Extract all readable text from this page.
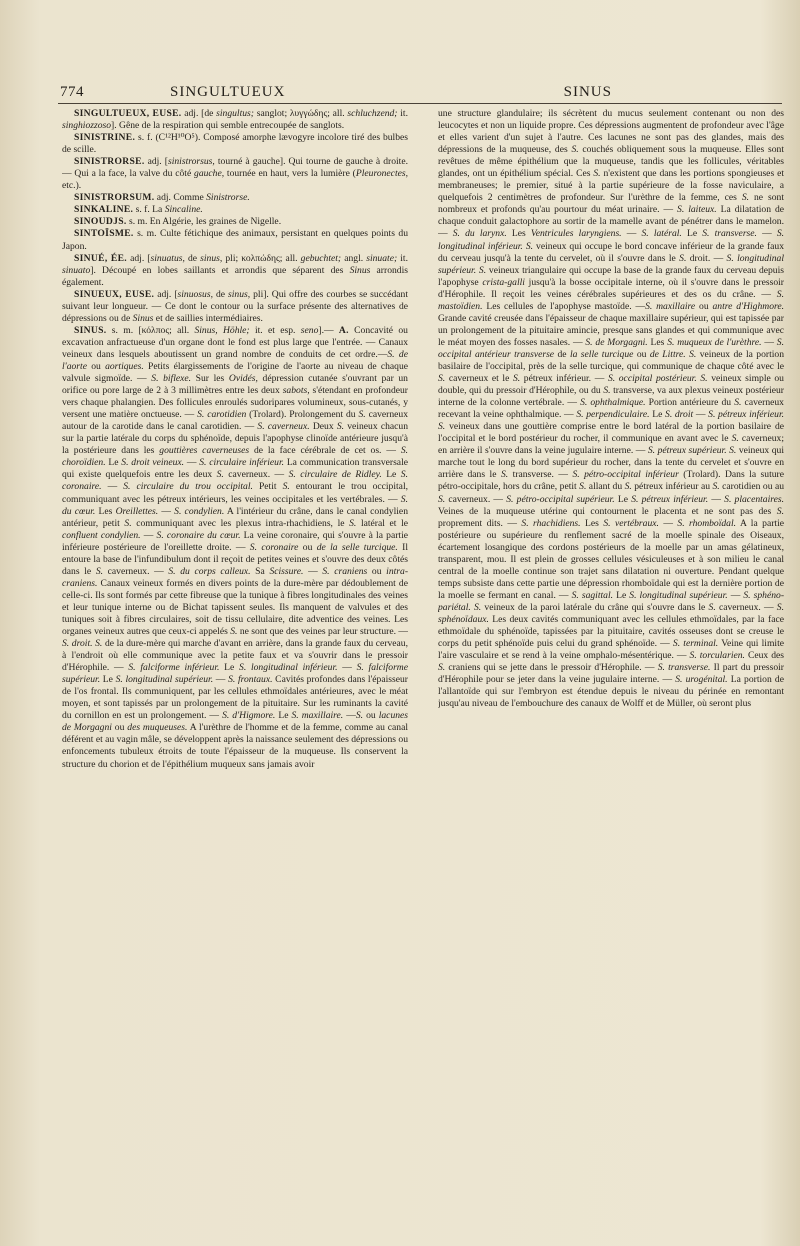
774	SINGULTUEUX	SINUS

SINGULTUEUX, EUSE. adj. [de singultus; sanglot; λυγγώδης; all. schluchzend; it. singhiozzoso]. Gêne de la respiration qui semble entrecoupée de sanglots.

SINISTRINE. s. f. (C¹²H¹⁰O⁵). Composé amorphe lævogyre incolore tiré des bulbes de scille.

SINISTRORSE. adj. [sinistrorsus, tourné à gauche]. Qui tourne de gauche à droite. — Qui a la face, la valve du côté gauche, tournée en haut, vers la lumière (Pleuronectes, etc.).

SINISTRORSUM. adj. Comme Sinistrorse.

SINKALINE. s. f. La Sincaline.

SINOUDJS. s. m. En Algérie, les graines de Nigelle.

SINTOÏSME. s. m. Culte fétichique des animaux, persistant en quelques points du Japon.

SINUÉ, ÉE. adj. [sinuatus, de sinus, pli; κολπώδης; all. gebuchtet; angl. sinuate; it. sinuato]. Découpé en lobes saillants et arrondis que séparent des Sinus arrondis également.

SINUEUX, EUSE. adj. [sinuosus, de sinus, pli]. Qui offre des courbes se succédant suivant leur longueur. — Ce dont le contour ou la surface présente des alternatives de dépressions ou de Sinus et de saillies intermédiaires.

SINUS. s. m. [κόλπος; all. Sinus, Höhle; it. et esp. seno].— A. Concavité ou excavation anfractueuse d'un organe dont le fond est plus large que l'entrée. — Canaux veineux dans lesquels aboutissent un grand nombre de conduits de cet ordre.—S. de l'aorte ou aortiques. Petits élargissements de l'origine de l'aorte au niveau de chaque valvule sigmoïde. — S. biflexe. Sur les Ovidés, dépression cutanée s'ouvrant par un orifice ou pore large de 2 à 3 millimètres entre les deux sabots, s'étendant en profondeur vers chaque phalangien. Des follicules enroulés sudoripares volumineux, sous-cutanés, y versent une matière onctueuse. — S. carotidien (Trolard). Prolongement du S. caverneux autour de la carotide dans le canal carotidien. — S. caverneux. Deux S. veineux chacun sur la partie latérale du corps du sphénoïde, depuis l'apophyse clinoïde antérieure jusqu'à la postérieure dans les gouttières caverneuses de la face cérébrale de cet os. — S. choroïdien. Le S. droit veineux. — S. circulaire inférieur. La communication transversale qui existe quelquefois entre les deux S. caverneux. — S. circulaire de Ridley. Le S. coronaire. — S. circulaire du trou occipital. Petit S. entourant le trou occipital, communiquant avec les pétreux intérieurs, les veines occipitales et les vertébrales. — S. du cœur. Les Oreillettes. — S. condylien. A l'intérieur du crâne, dans le canal condylien antérieur, petit S. communiquant avec les plexus intra-rhachidiens, le S. latéral et le confluent condylien. — S. coronaire du cœur. La veine coronaire, qui s'ouvre à la partie inférieure postérieure de l'oreillette droite. — S. coronaire ou de la selle turcique. Il entoure la base de l'infundibulum dont il reçoit de petites veines et s'ouvre des deux côtés dans le S. caverneux. — S. du corps calleux. Sa Scissure. — S. craniens ou intra-craniens. Canaux veineux formés en divers points de la dure-mère par dédoublement de celle-ci. Ils sont formés par cette fibreuse que la tunique à fibres longitudinales des veines et leur tunique interne ou de Bichat tapissent seules. Ils manquent de valvules et des tuniques soit à fibres circulaires, soit de tissu cellulaire, dite adventice des veines. Les organes veineux autres que ceux-ci appelés S. ne sont que des veines par leur structure. — S. droit. S. de la dure-mère qui marche d'avant en arrière, dans la grande faux du cerveau, à l'endroit où elle communique avec la petite faux et va s'ouvrir dans le pressoir d'Hérophile. — S. falciforme inférieur. Le S. longitudinal inférieur. — S. falciforme supérieur. Le S. longitudinal supérieur. — S. frontaux. Cavités profondes dans l'épaisseur de l'os frontal. Ils communiquent, par les cellules ethmoïdales antérieures, avec le méat moyen, et sont tapissés par un prolongement de la pituitaire. Sur les ruminants la cavité du cornillon en est un prolongement. — S. d'Higmore. Le S. maxillaire. —S. ou lacunes de Morgagni ou des muqueuses. A l'urèthre de l'homme et de la femme, comme au canal déférent et au vagin mâle, se développent après la naissance seulement des dépressions ou enfoncements tubuleux étroits de toute l'épaisseur de la muqueuse. Ils conservent la structure du chorion et de l'épithélium muqueux sans jamais avoir

une structure glandulaire; ils sécrètent du mucus seulement contenant ou non des leucocytes et non un liquide propre. Ces dépressions augmentent de profondeur avec l'âge et elles varient d'un sujet à l'autre. Ces lacunes ne sont pas des glandes, mais des dépressions de la muqueuse, des S. couchés obliquement sous la muqueuse. Elles sont revêtues de même épithélium que la muqueuse, tandis que les follicules, véritables glandes, ont un épithélium spécial. Ces S. n'existent que dans les portions spongieuses et membraneuses; le premier, situé à la partie supérieure de la fosse naviculaire, a quelquefois 2 centimètres de profondeur. Sur l'urèthre de la femme, ces S. ne sont nombreux et profonds qu'au pourtour du méat urinaire. — S. laiteux. La dilatation de chaque conduit galactophore au sortir de la mamelle avant de pénétrer dans le mamelon. — S. du larynx. Les Ventricules laryngiens. — S. latéral. Le S. transverse. — S. longitudinal inférieur. S. veineux qui occupe le bord concave inférieur de la grande faux du cerveau jusqu'à la tente du cervelet, où il s'ouvre dans le S. droit. — S. longitudinal supérieur. S. veineux triangulaire qui occupe la base de la grande faux du cerveau depuis l'apophyse crista-galli jusqu'à la bosse occipitale interne, où il s'ouvre dans le pressoir d'Hérophile. Il reçoit les veines cérébrales supérieures et des os du crâne. — S. mastoïdien. Les cellules de l'apophyse mastoïde. —S. maxillaire ou antre d'Highmore. Grande cavité creusée dans l'épaisseur de chaque maxillaire supérieur, qui est tapissée par un prolongement de la pituitaire amincie, presque sans glandes et qui communique avec le méat moyen des fosses nasales. — S. de Morgagni. Les S. muqueux de l'urèthre. — S. occipital antérieur transverse de la selle turcique ou de Littre. S. veineux de la portion basilaire de l'occipital, près de la selle turcique, qui communique de chaque côté avec le S. caverneux et le S. pétreux inférieur. — S. occipital postérieur. S. veineux simple ou double, qui du pressoir d'Hérophile, ou du S. transverse, va aux plexus veineux postérieur interne de la colonne vertébrale. — S. ophthalmique. Portion antérieure du S. caverneux recevant la veine ophthalmique. — S. perpendiculaire. Le S. droit — S. pétreux inférieur. S. veineux dans une gouttière comprise entre le bord latéral de la portion basilaire de l'occipital et le bord postérieur du rocher, il communique en avant avec le S. caverneux; en arrière il s'ouvre dans la veine jugulaire interne. — S. pétreux supérieur. S. veineux qui marche tout le long du bord supérieur du rocher, dans la tente du cervelet et s'ouvre en arrière dans le S. transverse. — S. pétro-occipital inférieur (Trolard). Dans la suture pétro-occipitale, hors du crâne, petit S. allant du S. pétreux inférieur au S. carotidien ou au S. caverneux. — S. pétro-occipital supérieur. Le S. pétreux inférieur. — S. placentaires. Veines de la muqueuse utérine qui contournent le placenta et ne sont pas des S. proprement dits. — S. rhachidiens. Les S. vertébraux. — S. rhomboïdal. A la partie postérieure ou supérieure du renflement sacré de la moelle spinale des Oiseaux, écartement losangique des cordons postérieurs de la moelle par un amas gélatineux, transparent, mou. Il est plein de grosses cellules vésiculeuses et à son milieu le canal central de la moelle continue son trajet sans dilatation ni ouverture. Pendant quelque temps subsiste dans cette partie une dépression rhomboïdale qui est la dernière portion de la moelle se fermant en canal. — S. sagittal. Le S. longitudinal supérieur. — S. sphéno-pariétal. S. veineux de la paroi latérale du crâne qui s'ouvre dans le S. caverneux. — S. sphénoïdaux. Les deux cavités communiquant avec les cellules ethmoïdales, par la face ethmoïdale du sphénoïde, tapissées par la pituitaire, cavités osseuses dont se creuse le corps du petit sphénoïde puis celui du grand sphénoïde. — S. terminal. Veine qui limite l'aire vasculaire et se rend à la veine omphalo-mésentérique. — S. torcularien. Ceux des S. craniens qui se jette dans le pressoir d'Hérophile. — S. transverse. Il part du pressoir d'Hérophile pour se jeter dans la veine jugulaire interne. — S. urogénital. La portion de l'allantoïde qui sur l'embryon est étendue depuis le niveau du périnée en remontant jusqu'au niveau de l'embouchure des canaux de Wolff et de Müller, où seront plus
